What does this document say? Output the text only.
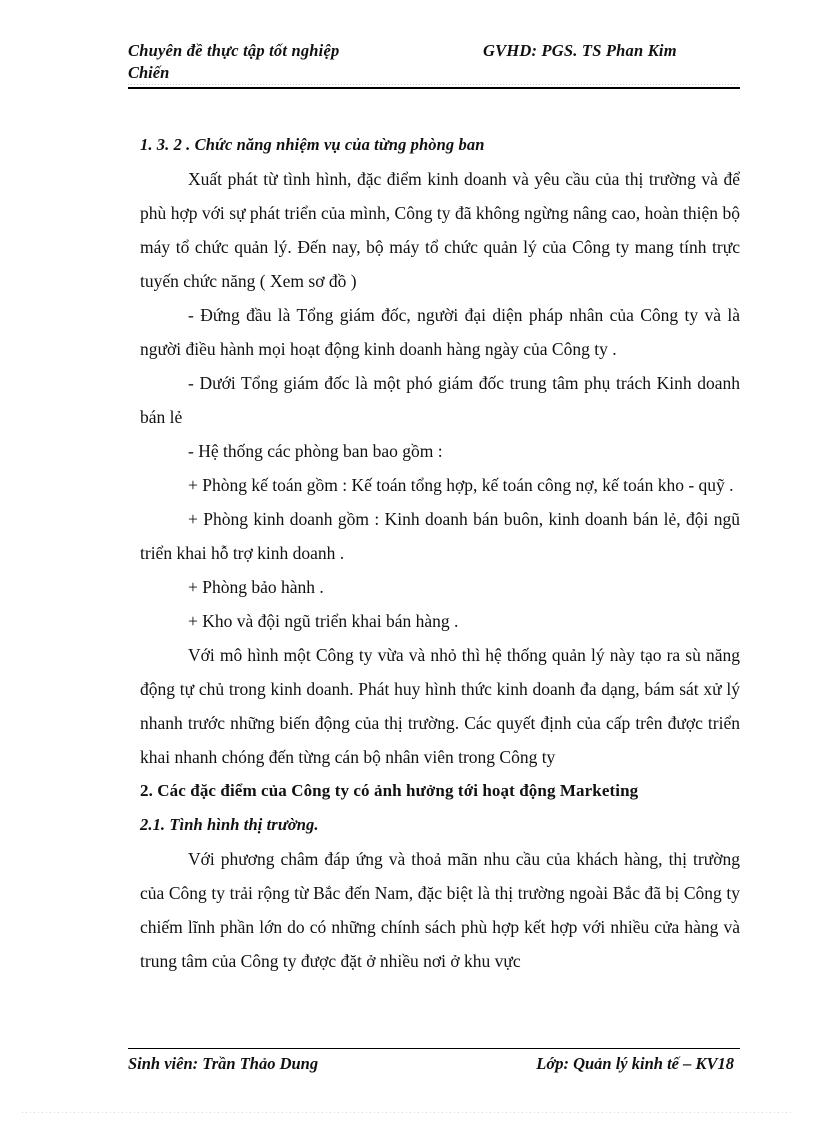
Chuyên đề thực tập tốt nghiệp	GVHD: PGS. TS Phan Kim
Chiến

1. 3. 2 . Chức năng nhiệm vụ của từng phòng ban

Xuất phát từ tình hình, đặc điểm kinh doanh và yêu cầu của thị trường và để phù hợp với sự phát triển của mình, Công ty đã không ngừng nâng cao, hoàn thiện bộ máy tổ chức quản lý. Đến nay, bộ máy tổ chức quản lý của Công ty mang tính trực tuyến chức năng ( Xem sơ đồ )

- Đứng đầu là Tổng giám đốc, người đại diện pháp nhân của Công ty và là người điều hành mọi hoạt động kinh doanh hàng ngày của Công ty .

- Dưới Tổng giám đốc là một phó giám đốc trung tâm phụ trách Kinh doanh bán lẻ

- Hệ thống các phòng ban bao gồm :

+ Phòng kế toán gồm : Kế toán tổng hợp, kế toán công nợ, kế toán kho - quỹ .

+ Phòng kinh doanh gồm : Kinh doanh bán buôn, kinh doanh bán lẻ, đội ngũ triển khai hỗ trợ kinh doanh .

+ Phòng bảo hành .

+ Kho và đội ngũ triển khai bán hàng .

Với mô hình một Công ty vừa và nhỏ thì hệ thống quản lý này tạo ra sù năng động tự chủ trong kinh doanh. Phát huy hình thức kinh doanh đa dạng, bám sát xử lý nhanh trước những biến động của thị trường. Các quyết định của cấp trên được triển khai nhanh chóng đến từng cán bộ nhân viên trong Công ty

2. Các đặc điểm của Công ty có ảnh hưởng tới hoạt động Marketing

2.1. Tình hình thị trường.

Với phương châm đáp ứng và thoả mãn nhu cầu của khách hàng, thị trường của Công ty trải rộng từ Bắc đến Nam, đặc biệt là thị trường ngoài Bắc đã bị Công ty chiếm lĩnh phần lớn do có những chính sách phù hợp kết hợp với nhiều cửa hàng và trung tâm của Công ty được đặt ở nhiều nơi ở khu vực

Sinh viên: Trần Thảo Dung	Lớp: Quản lý kinh tế – KV18
